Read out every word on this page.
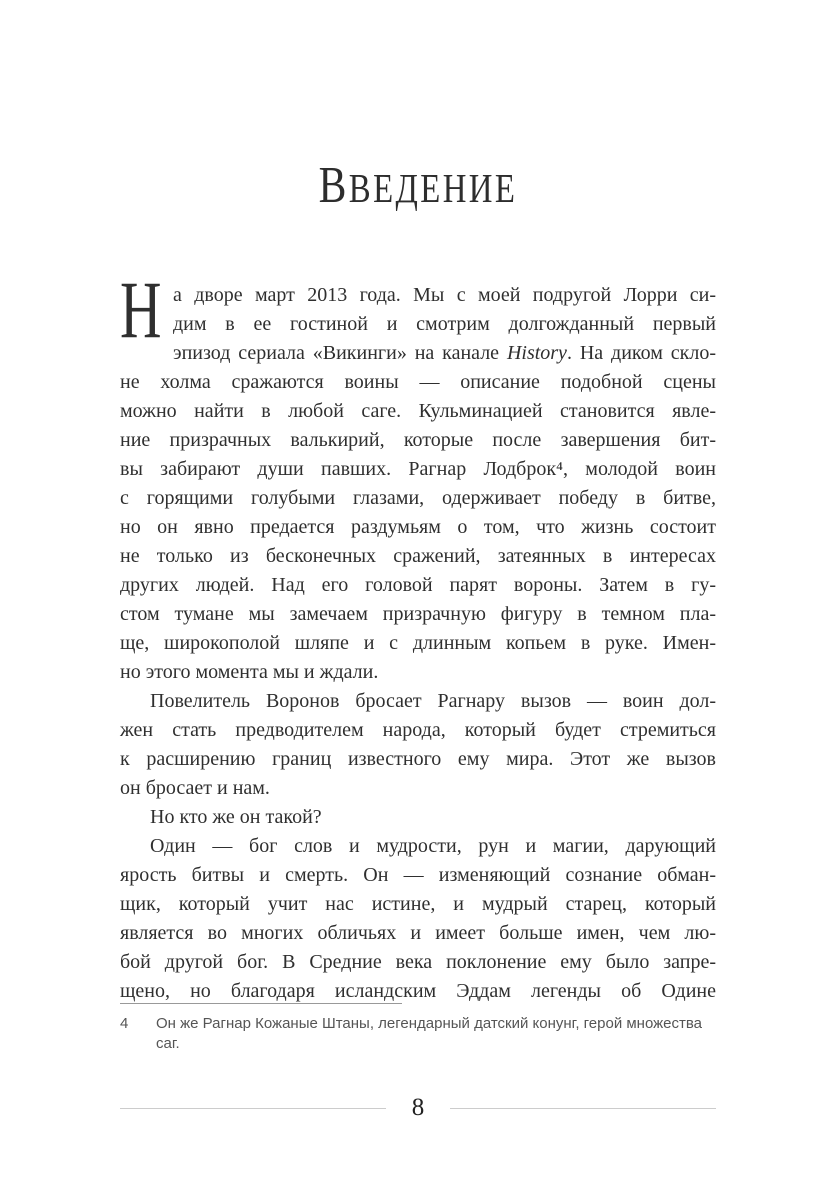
ВВЕДЕНИЕ
Н а дворе март 2013 года. Мы с моей подругой Лорри си-
дим в ее гостиной и смотрим долгожданный первый
эпизод сериала «Викинги» на канале History. На диком скло-
не холма сражаются воины — описание подобной сцены
можно найти в любой саге. Кульминацией становится явле-
ние призрачных валькирий, которые после завершения бит-
вы забирают души павших. Рагнар Лодброк⁴, молодой воин
с горящими голубыми глазами, одерживает победу в битве,
но он явно предается раздумьям о том, что жизнь состоит
не только из бесконечных сражений, затеянных в интересах
других людей. Над его головой парят вороны. Затем в гу-
стом тумане мы замечаем призрачную фигуру в темном пла-
ще, широкополой шляпе и с длинным копьем в руке. Имен-
но этого момента мы и ждали.
Повелитель Воронов бросает Рагнару вызов — воин дол-
жен стать предводителем народа, который будет стремиться
к расширению границ известного ему мира. Этот же вызов
он бросает и нам.
Но кто же он такой?
Один — бог слов и мудрости, рун и магии, дарующий
ярость битвы и смерть. Он — изменяющий сознание обман-
щик, который учит нас истине, и мудрый старец, который
является во многих обличьях и имеет больше имен, чем лю-
бой другой бог. В Средние века поклонение ему было запре-
щено, но благодаря исландским Эддам легенды об Одине
4	Он же Рагнар Кожаные Штаны, легендарный датский конунг, герой множества саг.
8
